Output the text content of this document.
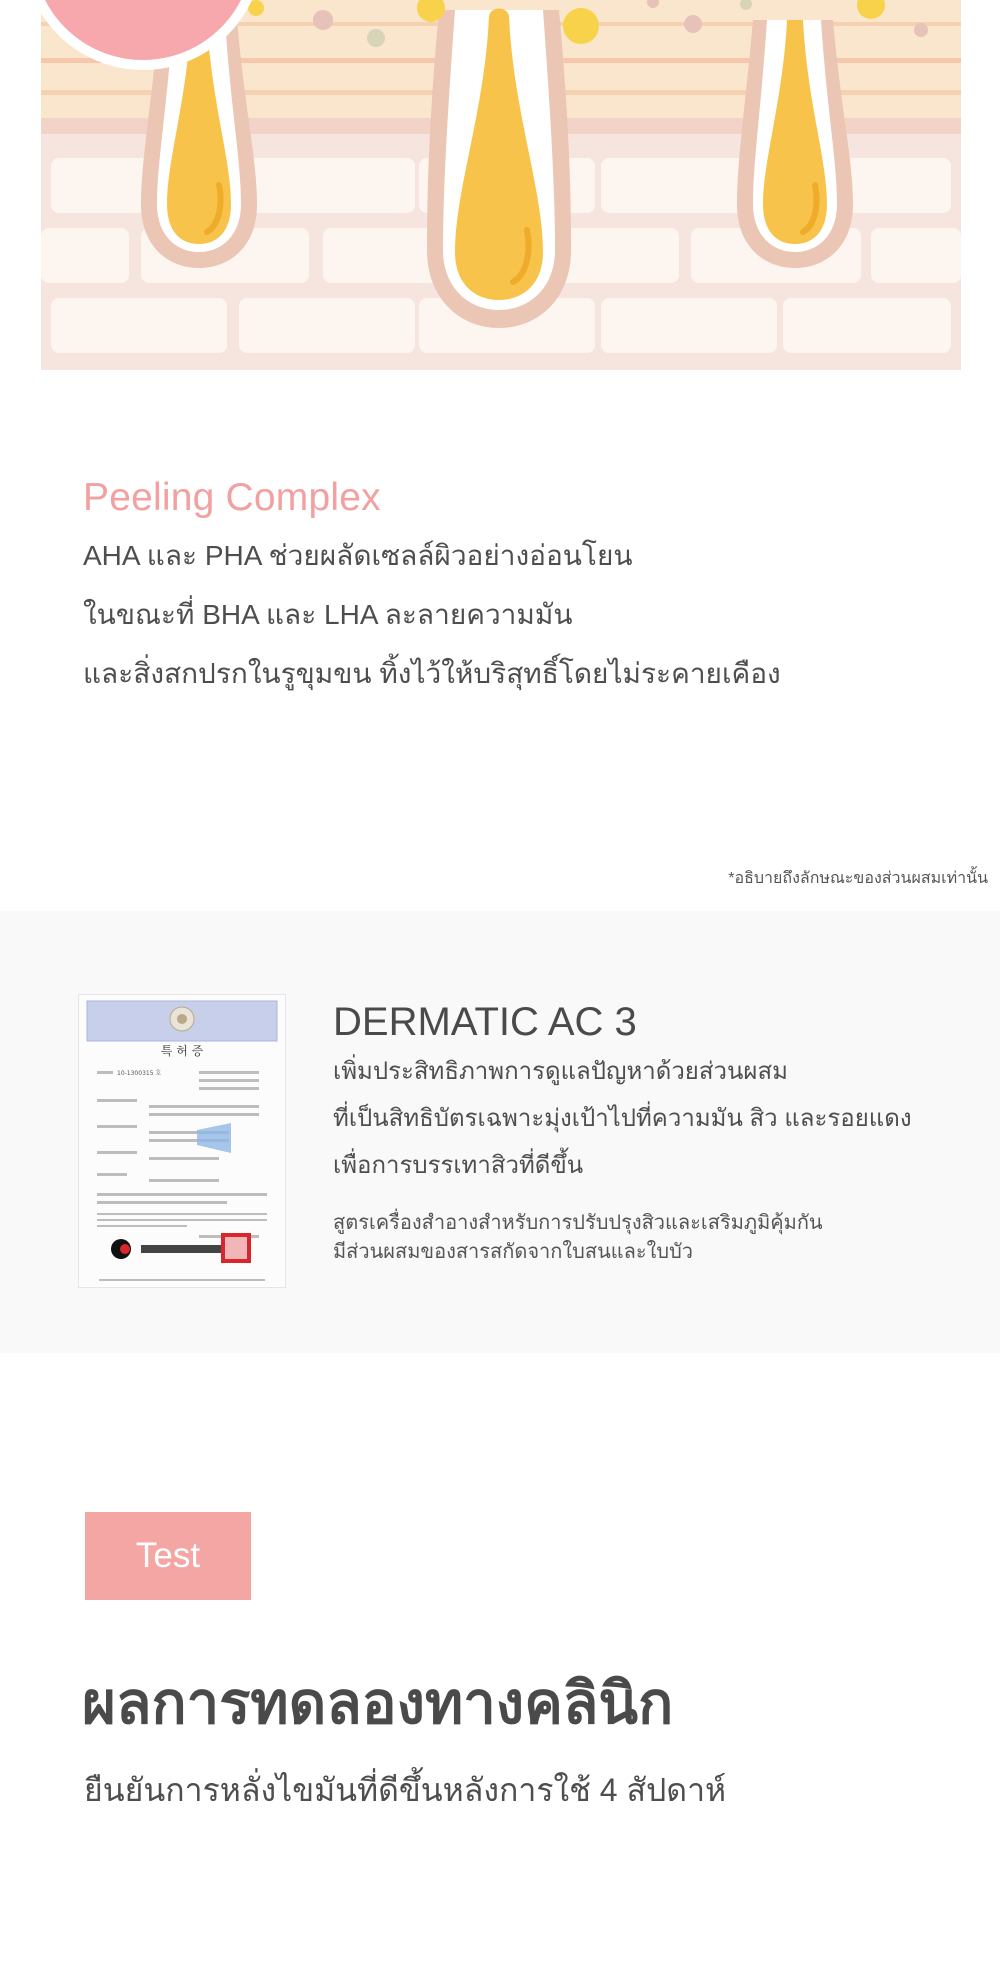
Peeling Complex

AHA และ PHA ช่วยผลัดเซลล์ผิวอย่างอ่อนโยน

ในขณะที่ BHA และ LHA ละลายความมัน

และสิ่งสกปรกในรูขุมขน ทิ้งไว้ให้บริสุทธิ์โดยไม่ระคายเคือง

*อธิบายถึงลักษณะของส่วนผสมเท่านั้น
특 허 증
10-1300315 호
DERMATIC AC 3

เพิ่มประสิทธิภาพการดูแลปัญหาด้วยส่วนผสม

ที่เป็นสิทธิบัตรเฉพาะมุ่งเป้าไปที่ความมัน สิว และรอยแดง

เพื่อการบรรเทาสิวที่ดีขึ้น

สูตรเครื่องสำอางสำหรับการปรับปรุงสิวและเสริมภูมิคุ้มกัน

มีส่วนผสมของสารสกัดจากใบสนและใบบัว

Test
ผลการทดลองทางคลินิก

ยืนยันการหลั่งไขมันที่ดีขึ้นหลังการใช้ 4 สัปดาห์
